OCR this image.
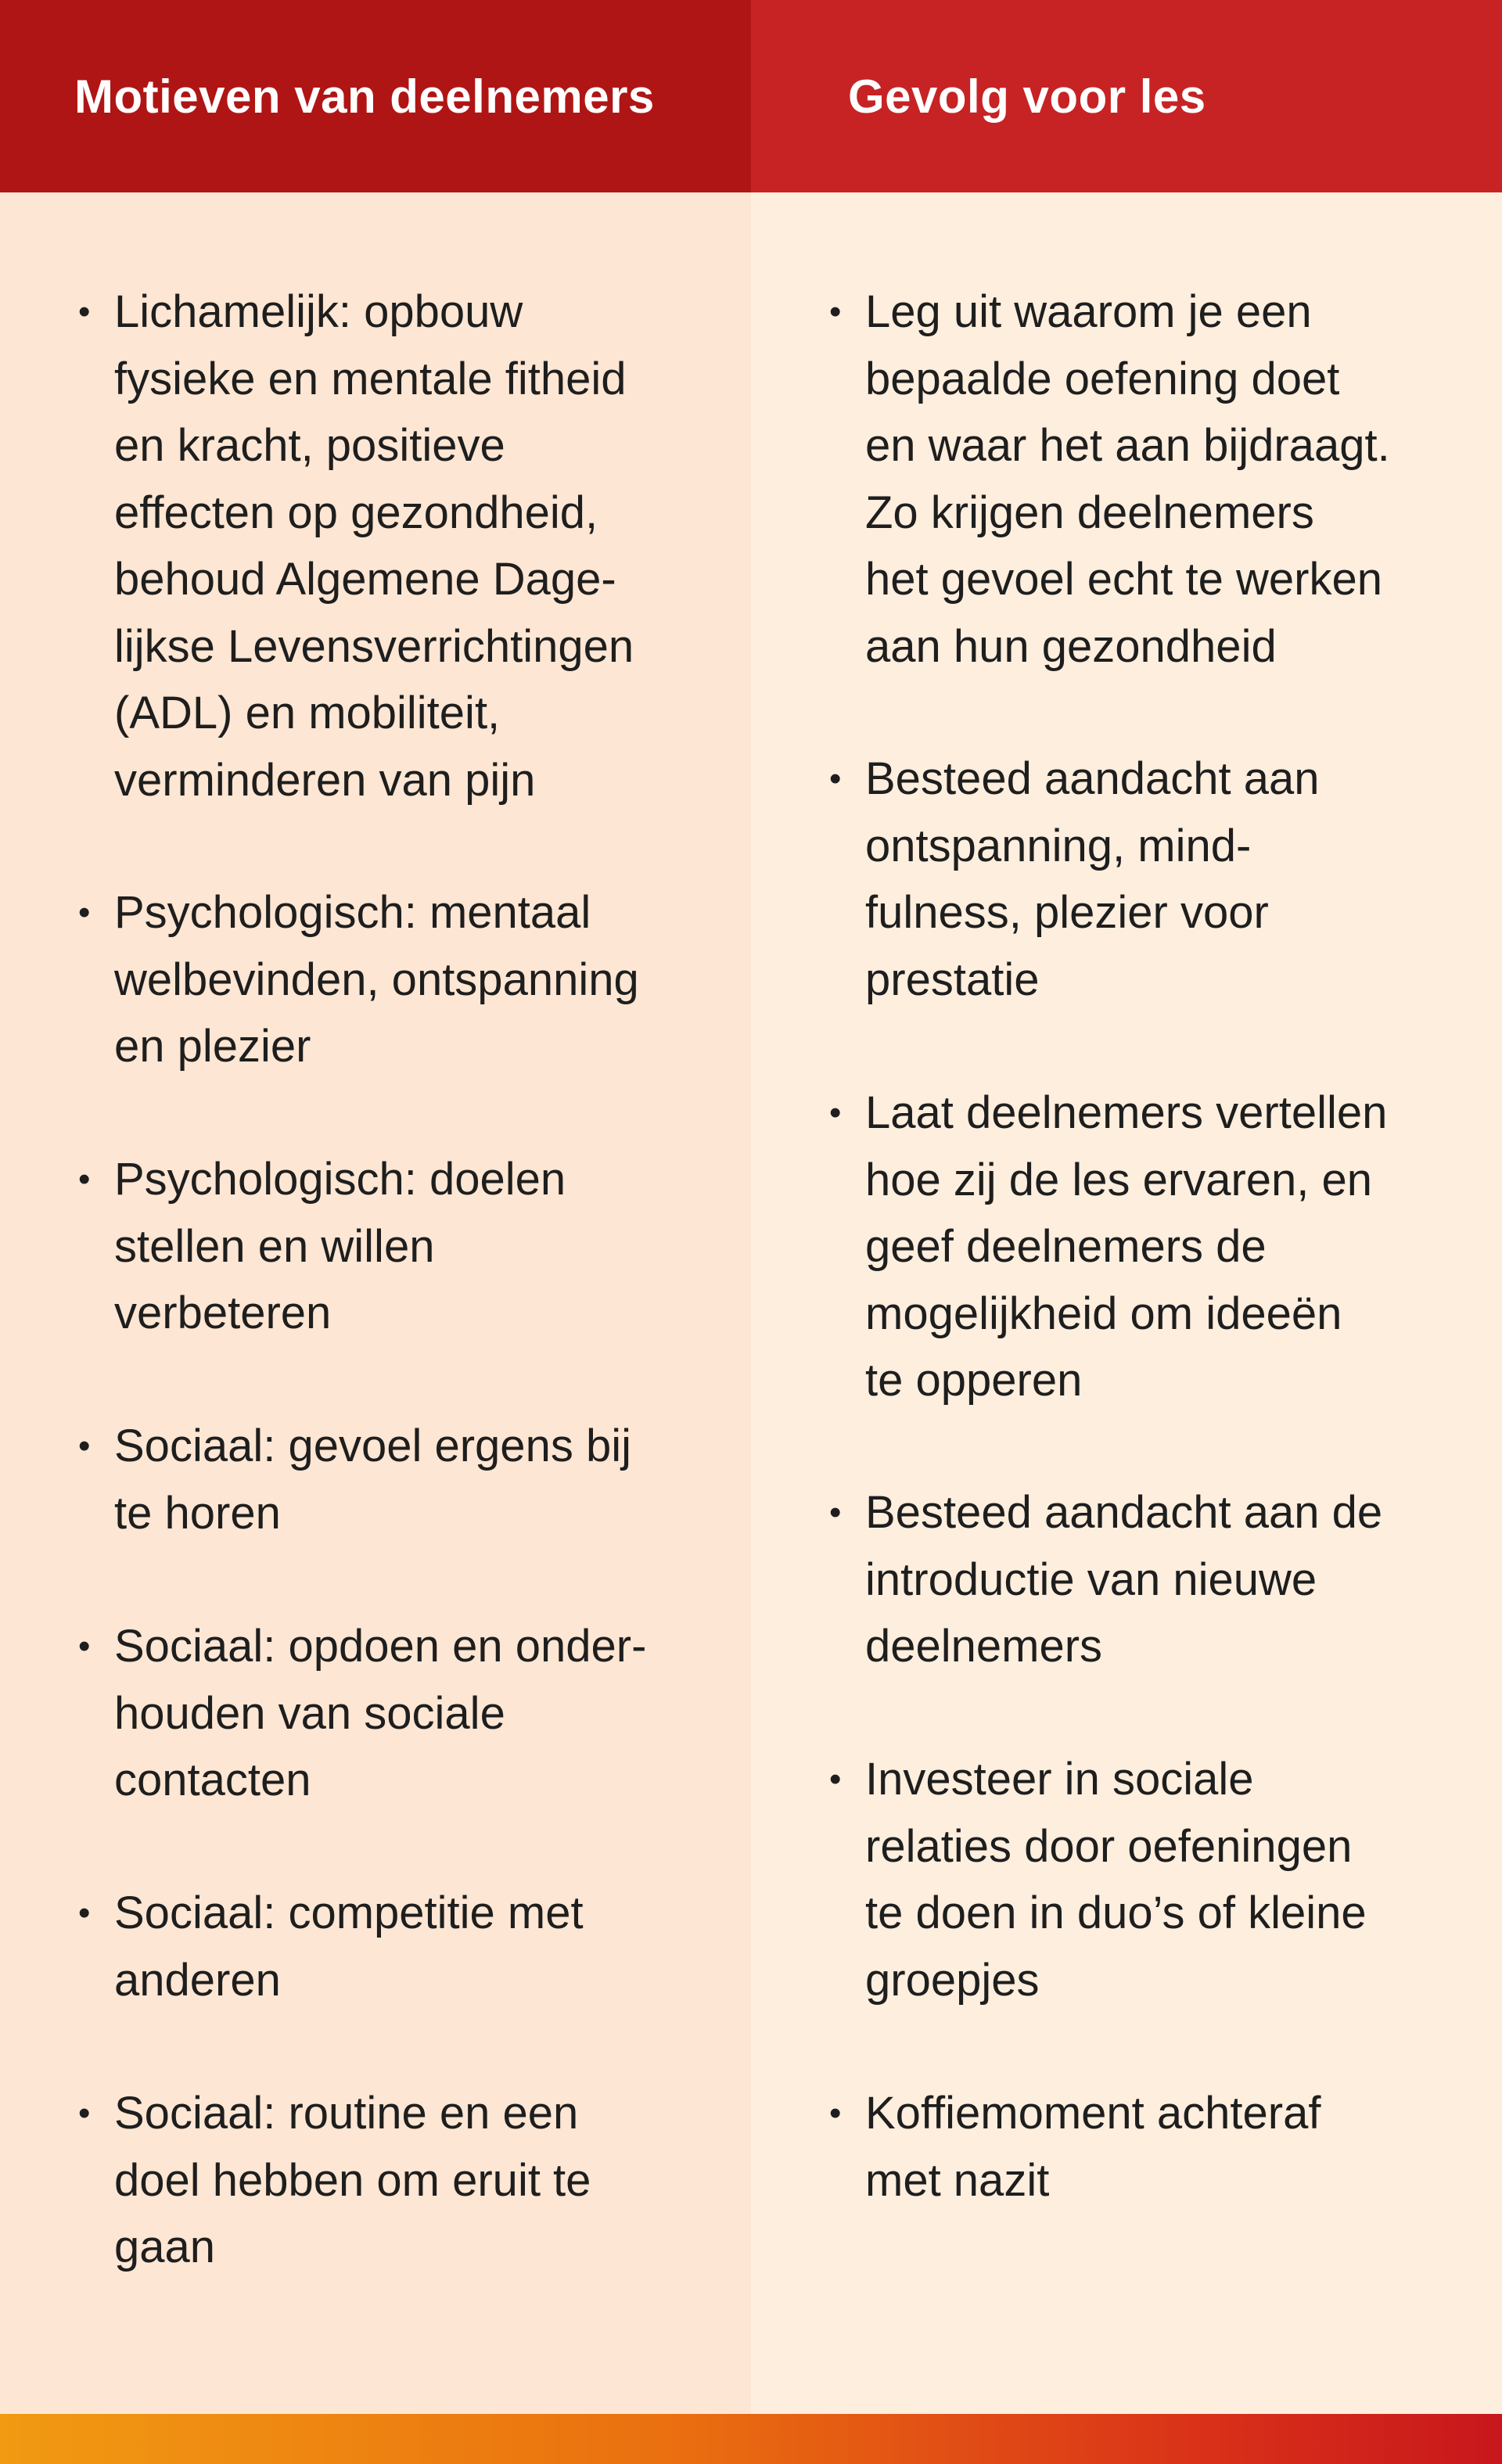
Motieven van deelnemers
• Lichamelijk: opbouw
fysieke en mentale fitheid
en kracht, positieve
effecten op gezondheid,
behoud Algemene Dage-
lijkse Levensverrichtingen
(ADL) en mobiliteit,
verminderen van pijn
• Psychologisch: mentaal
welbevinden, ontspanning
en plezier
• Psychologisch: doelen
stellen en willen
verbeteren
• Sociaal: gevoel ergens bij
te horen
• Sociaal: opdoen en onder-
houden van sociale
contacten
• Sociaal: competitie met
anderen
• Sociaal: routine en een
doel hebben om eruit te
gaan
Gevolg voor les
• Leg uit waarom je een
bepaalde oefening doet
en waar het aan bijdraagt.
Zo krijgen deelnemers
het gevoel echt te werken
aan hun gezondheid
• Besteed aandacht aan
ontspanning, mind-
fulness, plezier voor
prestatie
• Laat deelnemers vertellen
hoe zij de les ervaren, en
geef deelnemers de
mogelijkheid om ideeën
te opperen
• Besteed aandacht aan de
introductie van nieuwe
deelnemers
• Investeer in sociale
relaties door oefeningen
te doen in duo’s of kleine
groepjes
• Koffiemoment achteraf
met nazit
